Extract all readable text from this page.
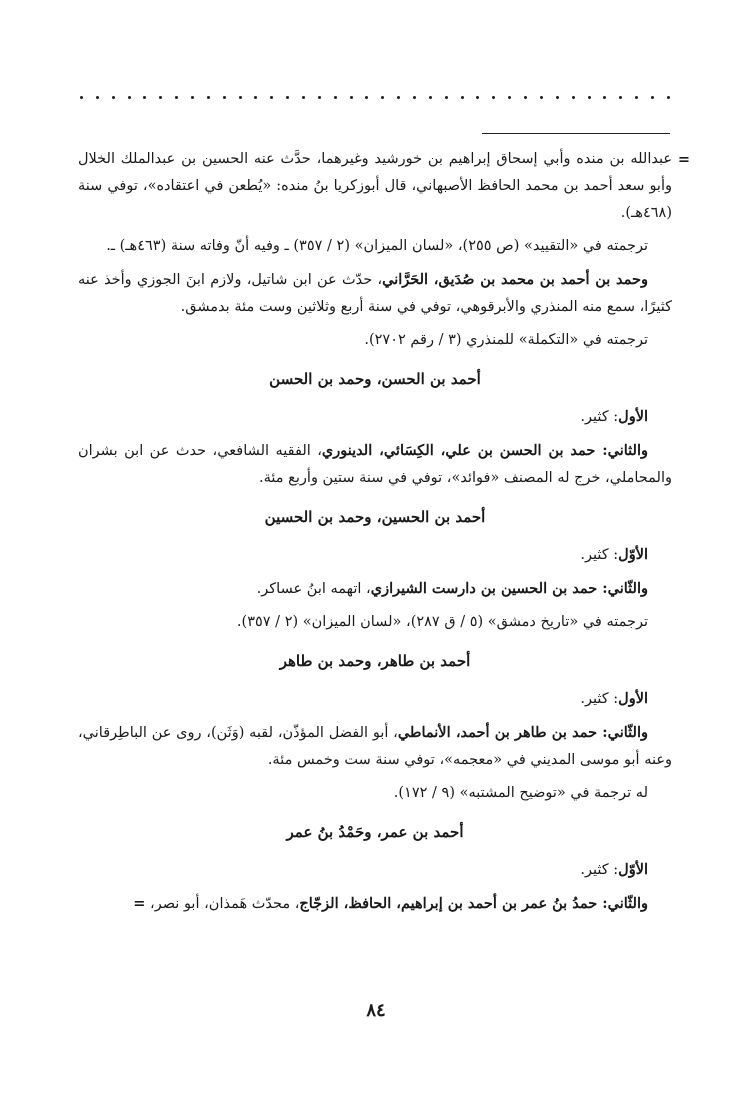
=
عبدالله بن منده وأبي إسحاق إبراهيم بن خورشيد وغيرهما، حدَّث عنه الحسين بن عبدالملك الخلال وأبو سعد أحمد بن محمد الحافظ الأصبهاني، قال أبوزكريا بنُ منده: «يُطعن في اعتقاده»، توفي سنة (٤٦٨هـ).

ترجمته في «التقييد» (ص ٢٥٥)، «لسان الميزان» (٢ / ٣٥٧) ـ وفيه أنّ وفاته سنة (٤٦٣هـ) ـ.

وحمد بن أحمد بن محمد بن صُدَيق، الحَرَّاني، حدّث عن ابن شاتيل، ولازم ابنَ الجوزي وأخذ عنه كثيرًا، سمع منه المنذري والأبرقوهي، توفي في سنة أربع وثلاثين وست مئة بدمشق.

ترجمته في «التكملة» للمنذري (٣ / رقم ٢٧٠٢).

أحمد بن الحسن، وحمد بن الحسن

الأول: كثير.

والثاني: حمد بن الحسن بن علي، الكِسَائي، الدينوري، الفقيه الشافعي، حدث عن ابن بشران والمحاملي، خرج له المصنف «فوائد»، توفي في سنة ستين وأربع مئة.

أحمد بن الحسين، وحمد بن الحسين

الأوّل: كثير.

والثّاني: حمد بن الحسين بن دارست الشيرازي، اتهمه ابنُ عساكر.

ترجمته في «تاريخ دمشق» (٥ / ق ٢٨٧)، «لسان الميزان» (٢ / ٣٥٧).

أحمد بن طاهر، وحمد بن طاهر

الأول: كثير.

والثّاني: حمد بن طاهر بن أحمد، الأنماطي، أبو الفضل المؤذّن، لقبه (وَثَن)، روى عن الباطِرقاني، وعنه أبو موسى المديني في «معجمه»، توفي سنة ست وخمس مئة.

له ترجمة في «توضيح المشتبه» (٩ / ١٧٢).

أحمد بن عمر، وحَمْدُ بنُ عمر

الأوّل: كثير.

والثّاني: حمدُ بنُ عمر بن أحمد بن إبراهيم، الحافظ، الزجّاج، محدّث هَمذان، أبو نصر، =

٨٤
